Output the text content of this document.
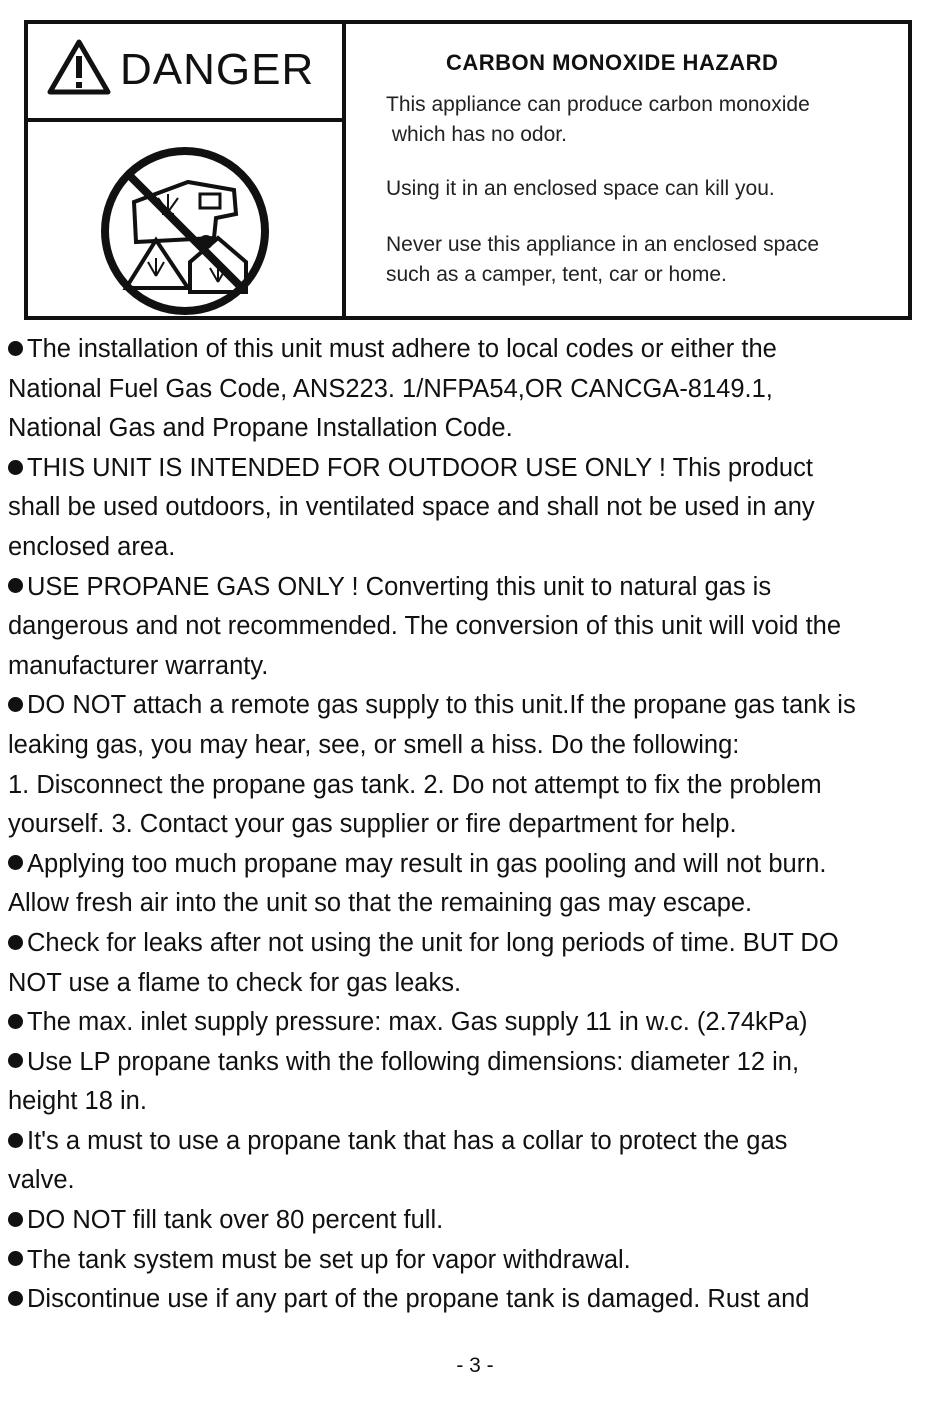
DANGER	CARBON MONOXIDE HAZARD
This appliance can produce carbon monoxide
which has no odor.
Using it in an enclosed space can kill you.
Never use this appliance in an enclosed space
such as a camper, tent, car or home.
The installation of this unit must adhere to local codes or either the
National Fuel Gas Code, ANS223. 1/NFPA54,OR CANCGA-8149.1,
National Gas and Propane Installation Code.
THIS UNIT IS INTENDED FOR OUTDOOR USE ONLY ! This product
shall be used outdoors, in ventilated space and shall not be used in any
enclosed area.
USE PROPANE GAS ONLY ! Converting this unit to natural gas is
dangerous and not recommended. The conversion of this unit will void the
manufacturer warranty.
DO NOT attach a remote gas supply to this unit.If the propane gas tank is
leaking gas, you may hear, see, or smell a hiss. Do the following:
1. Disconnect the propane gas tank. 2. Do not attempt to fix the problem
yourself. 3. Contact your gas supplier or fire department for help.
Applying too much propane may result in gas pooling and will not burn.
Allow fresh air into the unit so that the remaining gas may escape.
Check for leaks after not using the unit for long periods of time. BUT DO
NOT use a flame to check for gas leaks.
The max. inlet supply pressure: max. Gas supply 11 in w.c. (2.74kPa)
Use LP propane tanks with the following dimensions: diameter 12 in,
height 18 in.
It's a must to use a propane tank that has a collar to protect the gas
valve.
DO NOT fill tank over 80 percent full.
The tank system must be set up for vapor withdrawal.
Discontinue use if any part of the propane tank is damaged. Rust and
- 3 -
